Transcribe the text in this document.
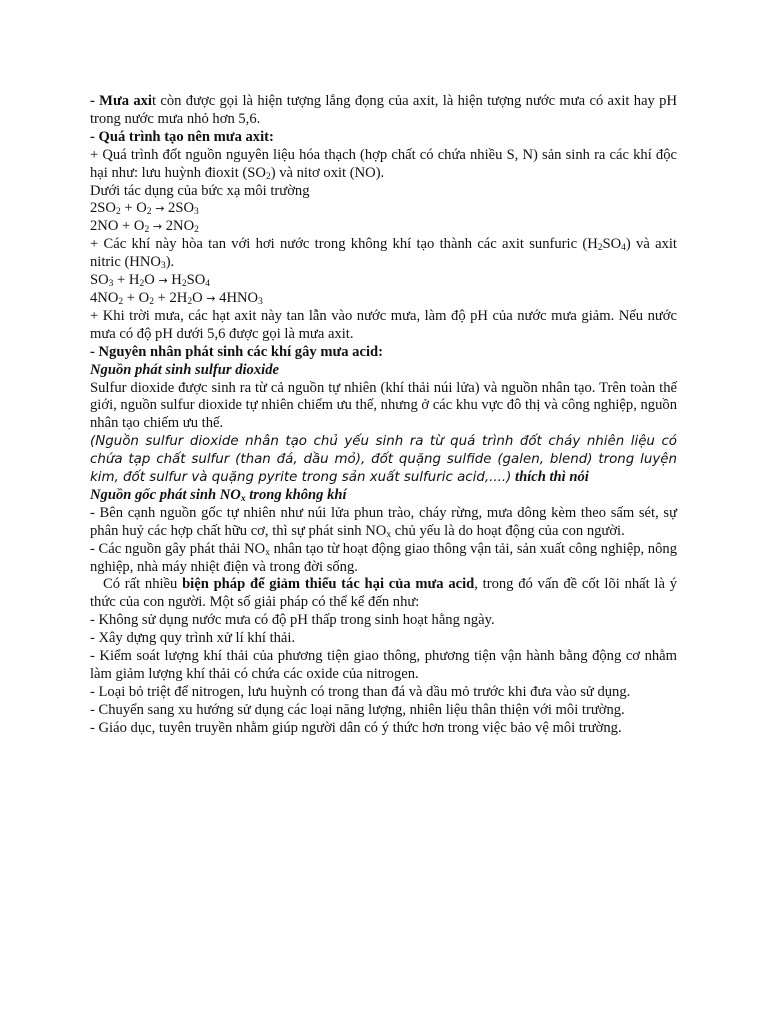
- Mưa axit còn được gọi là hiện tượng lắng đọng của axit, là hiện tượng nước mưa có axit hay pH trong nước mưa nhỏ hơn 5,6.

- Quá trình tạo nên mưa axit:

+ Quá trình đốt nguồn nguyên liệu hóa thạch (hợp chất có chứa nhiều S, N) sản sinh ra các khí độc hại như: lưu huỳnh đioxit $(SO_2)$ và nitơ oxit (NO).

Dưới tác dụng của bức xạ môi trường

$2SO_2 + O_2 \to 2SO_3$

$2NO + O_2 \to 2NO_2$

+ Các khí này hòa tan với hơi nước trong không khí tạo thành các axit sunfuric $(H_2SO_4)$ và axit nitric $(HNO_3)$.

$SO_3 + H_2O \to H_2SO_4$

$4NO_2 + O_2 + 2H_2O \to 4HNO_3$

+ Khi trời mưa, các hạt axit này tan lẫn vào nước mưa, làm độ pH của nước mưa giảm. Nếu nước mưa có độ pH dưới 5,6 được gọi là mưa axit.

- Nguyên nhân phát sinh các khí gây mưa acid:

Nguồn phát sinh sulfur dioxide

Sulfur dioxide được sinh ra từ cả nguồn tự nhiên (khí thải núi lửa) và nguồn nhân tạo. Trên toàn thế giới, nguồn sulfur dioxide tự nhiên chiếm ưu thế, nhưng ở các khu vực đô thị và công nghiệp, nguồn nhân tạo chiếm ưu thế.

(Nguồn sulfur dioxide nhân tạo chủ yếu sinh ra từ quá trình đốt cháy nhiên liệu có chứa tạp chất sulfur (than đá, dầu mỏ), đốt quặng sulfide (galen, blend) trong luyện kim, đốt sulfur và quặng pyrite trong sản xuất sulfuric acid,....) thích thì nói

Nguồn gốc phát $\sinh NO_x$ trong không khí

- Bên cạnh nguồn gốc tự nhiên như núi lửa phun trào, cháy rừng, mưa dông kèm theo sấm sét, sự phân huỷ các hợp chất hữu cơ, thì sự phát $\sinh NO_x$ chủ yếu là do hoạt động của con người.

- Các nguồn gây phát thải $NO_x$ nhân tạo từ hoạt động giao thông vận tải, sản xuất công nghiệp, nông nghiệp, nhà máy nhiệt điện và trong đời sống.

Có rất nhiều biện pháp để giảm thiểu tác hại của mưa acid, trong đó vấn đề cốt lõi nhất là ý thức của con người. Một số giải pháp có thể kể đến như:

- Không sử dụng nước mưa có độ pH thấp trong sinh hoạt hằng ngày.

- Xây dựng quy trình xử lí khí thải.

- Kiểm soát lượng khí thải của phương tiện giao thông, phương tiện vận hành bằng động cơ nhằm làm giảm lượng khí thải có chứa các oxide của nitrogen.

- Loại bỏ triệt để nitrogen, lưu huỳnh có trong than đá và dầu mỏ trước khi đưa vào sử dụng.

- Chuyển sang xu hướng sử dụng các loại năng lượng, nhiên liệu thân thiện với môi trường.

- Giáo dục, tuyên truyền nhằm giúp người dân có ý thức hơn trong việc bảo vệ môi trường.
